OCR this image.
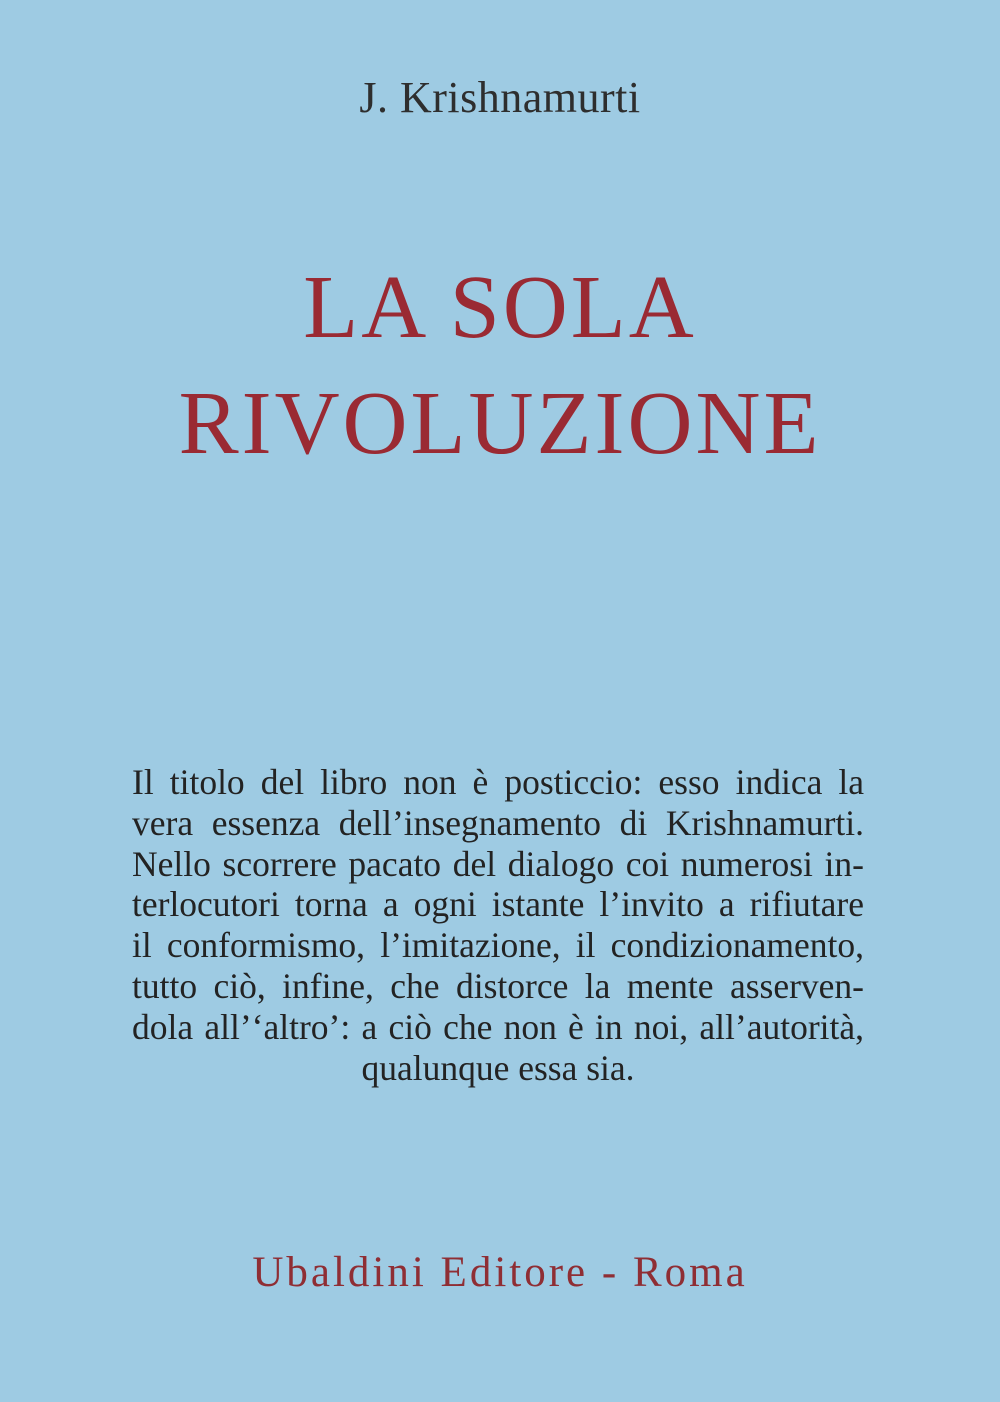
J. Krishnamurti
LA SOLA
RIVOLUZIONE
Il titolo del libro non è posticcio: esso indica la
vera essenza dell’insegnamento di Krishnamurti.
Nello scorrere pacato del dialogo coi numerosi in-
terlocutori torna a ogni istante l’invito a rifiutare
il conformismo, l’imitazione, il condizionamento,
tutto ciò, infine, che distorce la mente asserven-
dola all’‘altro’: a ciò che non è in noi, all’autorità,
qualunque essa sia.
Ubaldini Editore - Roma
